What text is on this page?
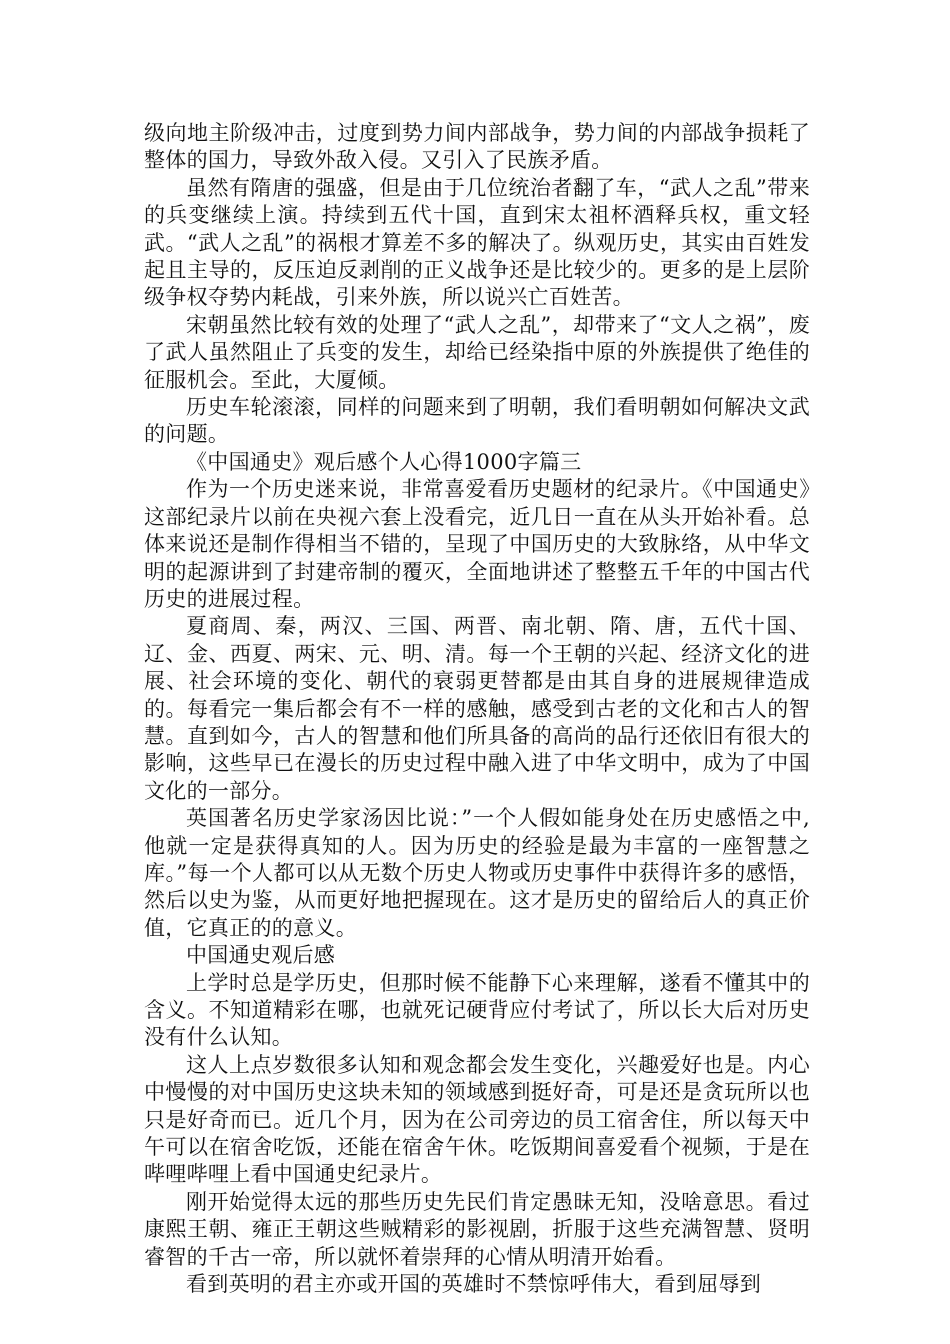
级向地主阶级冲击，过度到势力间内部战争，势力间的内部战争损耗了整体的国力，导致外敌入侵。又引入了民族矛盾。

虽然有隋唐的强盛，但是由于几位统治者翻了车，“武人之乱”带来的兵变继续上演。持续到五代十国，直到宋太祖杯酒释兵权，重文轻武。“武人之乱”的祸根才算差不多的解决了。纵观历史，其实由百姓发起且主导的，反压迫反剥削的正义战争还是比较少的。更多的是上层阶级争权夺势内耗战，引来外族，所以说兴亡百姓苦。

宋朝虽然比较有效的处理了“武人之乱”，却带来了“文人之祸”，废了武人虽然阻止了兵变的发生，却给已经染指中原的外族提供了绝佳的征服机会。至此，大厦倾。

历史车轮滚滚，同样的问题来到了明朝，我们看明朝如何解决文武的问题。

《中国通史》观后感个人心得1000字篇三

作为一个历史迷来说，非常喜爱看历史题材的纪录片。《中国通史》这部纪录片以前在央视六套上没看完，近几日一直在从头开始补看。总体来说还是制作得相当不错的，呈现了中国历史的大致脉络，从中华文明的起源讲到了封建帝制的覆灭，全面地讲述了整整五千年的中国古代历史的进展过程。

夏商周、秦，两汉、三国、两晋、南北朝、隋、唐，五代十国、辽、金、西夏、两宋、元、明、清。每一个王朝的兴起、经济文化的进展、社会环境的变化、朝代的衰弱更替都是由其自身的进展规律造成的。每看完一集后都会有不一样的感触，感受到古老的文化和古人的智慧。直到如今，古人的智慧和他们所具备的高尚的品行还依旧有很大的影响，这些早已在漫长的历史过程中融入进了中华文明中，成为了中国文化的一部分。

英国著名历史学家汤因比说：”一个人假如能身处在历史感悟之中,他就一定是获得真知的人。因为历史的经验是最为丰富的一座智慧之库。”每一个人都可以从无数个历史人物或历史事件中获得许多的感悟，然后以史为鉴，从而更好地把握现在。这才是历史的留给后人的真正价值，它真正的的意义。

中国通史观后感

上学时总是学历史，但那时候不能静下心来理解，遂看不懂其中的含义。不知道精彩在哪，也就死记硬背应付考试了，所以长大后对历史没有什么认知。

这人上点岁数很多认知和观念都会发生变化，兴趣爱好也是。内心中慢慢的对中国历史这块未知的领域感到挺好奇，可是还是贪玩所以也只是好奇而已。近几个月，因为在公司旁边的员工宿舍住，所以每天中午可以在宿舍吃饭，还能在宿舍午休。吃饭期间喜爱看个视频，于是在哔哩哔哩上看中国通史纪录片。

刚开始觉得太远的那些历史先民们肯定愚昧无知，没啥意思。看过康熙王朝、雍正王朝这些贼精彩的影视剧，折服于这些充满智慧、贤明睿智的千古一帝，所以就怀着崇拜的心情从明清开始看。

看到英明的君主亦或开国的英雄时不禁惊呼伟大，看到屈辱到
